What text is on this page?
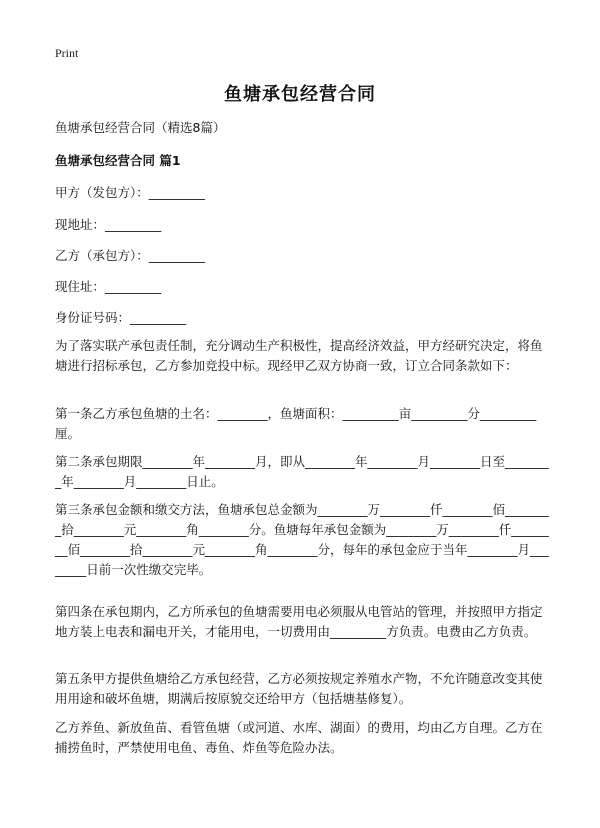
Print
鱼塘承包经营合同
鱼塘承包经营合同（精选8篇）
鱼塘承包经营合同 篇1
甲方（发包方）：_________
现地址：_________
乙方（承包方）：_________
现住址：_________
身份证号码：_________
为了落实联产承包责任制，充分调动生产积极性，提高经济效益，甲方经研究决定，将鱼塘进行招标承包，乙方参加竞投中标。现经甲乙双方协商一致，订立合同条款如下：
第一条乙方承包鱼塘的土名：________，鱼塘面积：_________亩_________分_________厘。
第二条承包期限________年________月，即从________年________月________日至________年________月________日止。
第三条承包金额和缴交方法，鱼塘承包总金额为________万________仟________佰________拾________元________角________分。鱼塘每年承包金额为________万________仟________佰________拾________元________角________分，每年的承包金应于当年________月________日前一次性缴交完毕。
第四条在承包期内，乙方所承包的鱼塘需要用电必须服从电管站的管理，并按照甲方指定地方装上电表和漏电开关，才能用电，一切费用由_________方负责。电费由乙方负责。
第五条甲方提供鱼塘给乙方承包经营，乙方必须按规定养殖水产物，不允许随意改变其使用用途和破坏鱼塘，期满后按原貌交还给甲方（包括塘基修复）。
乙方养鱼、新放鱼苗、看管鱼塘（或河道、水库、湖面）的费用，均由乙方自理。乙方在捕捞鱼时，严禁使用电鱼、毒鱼、炸鱼等危险办法。
